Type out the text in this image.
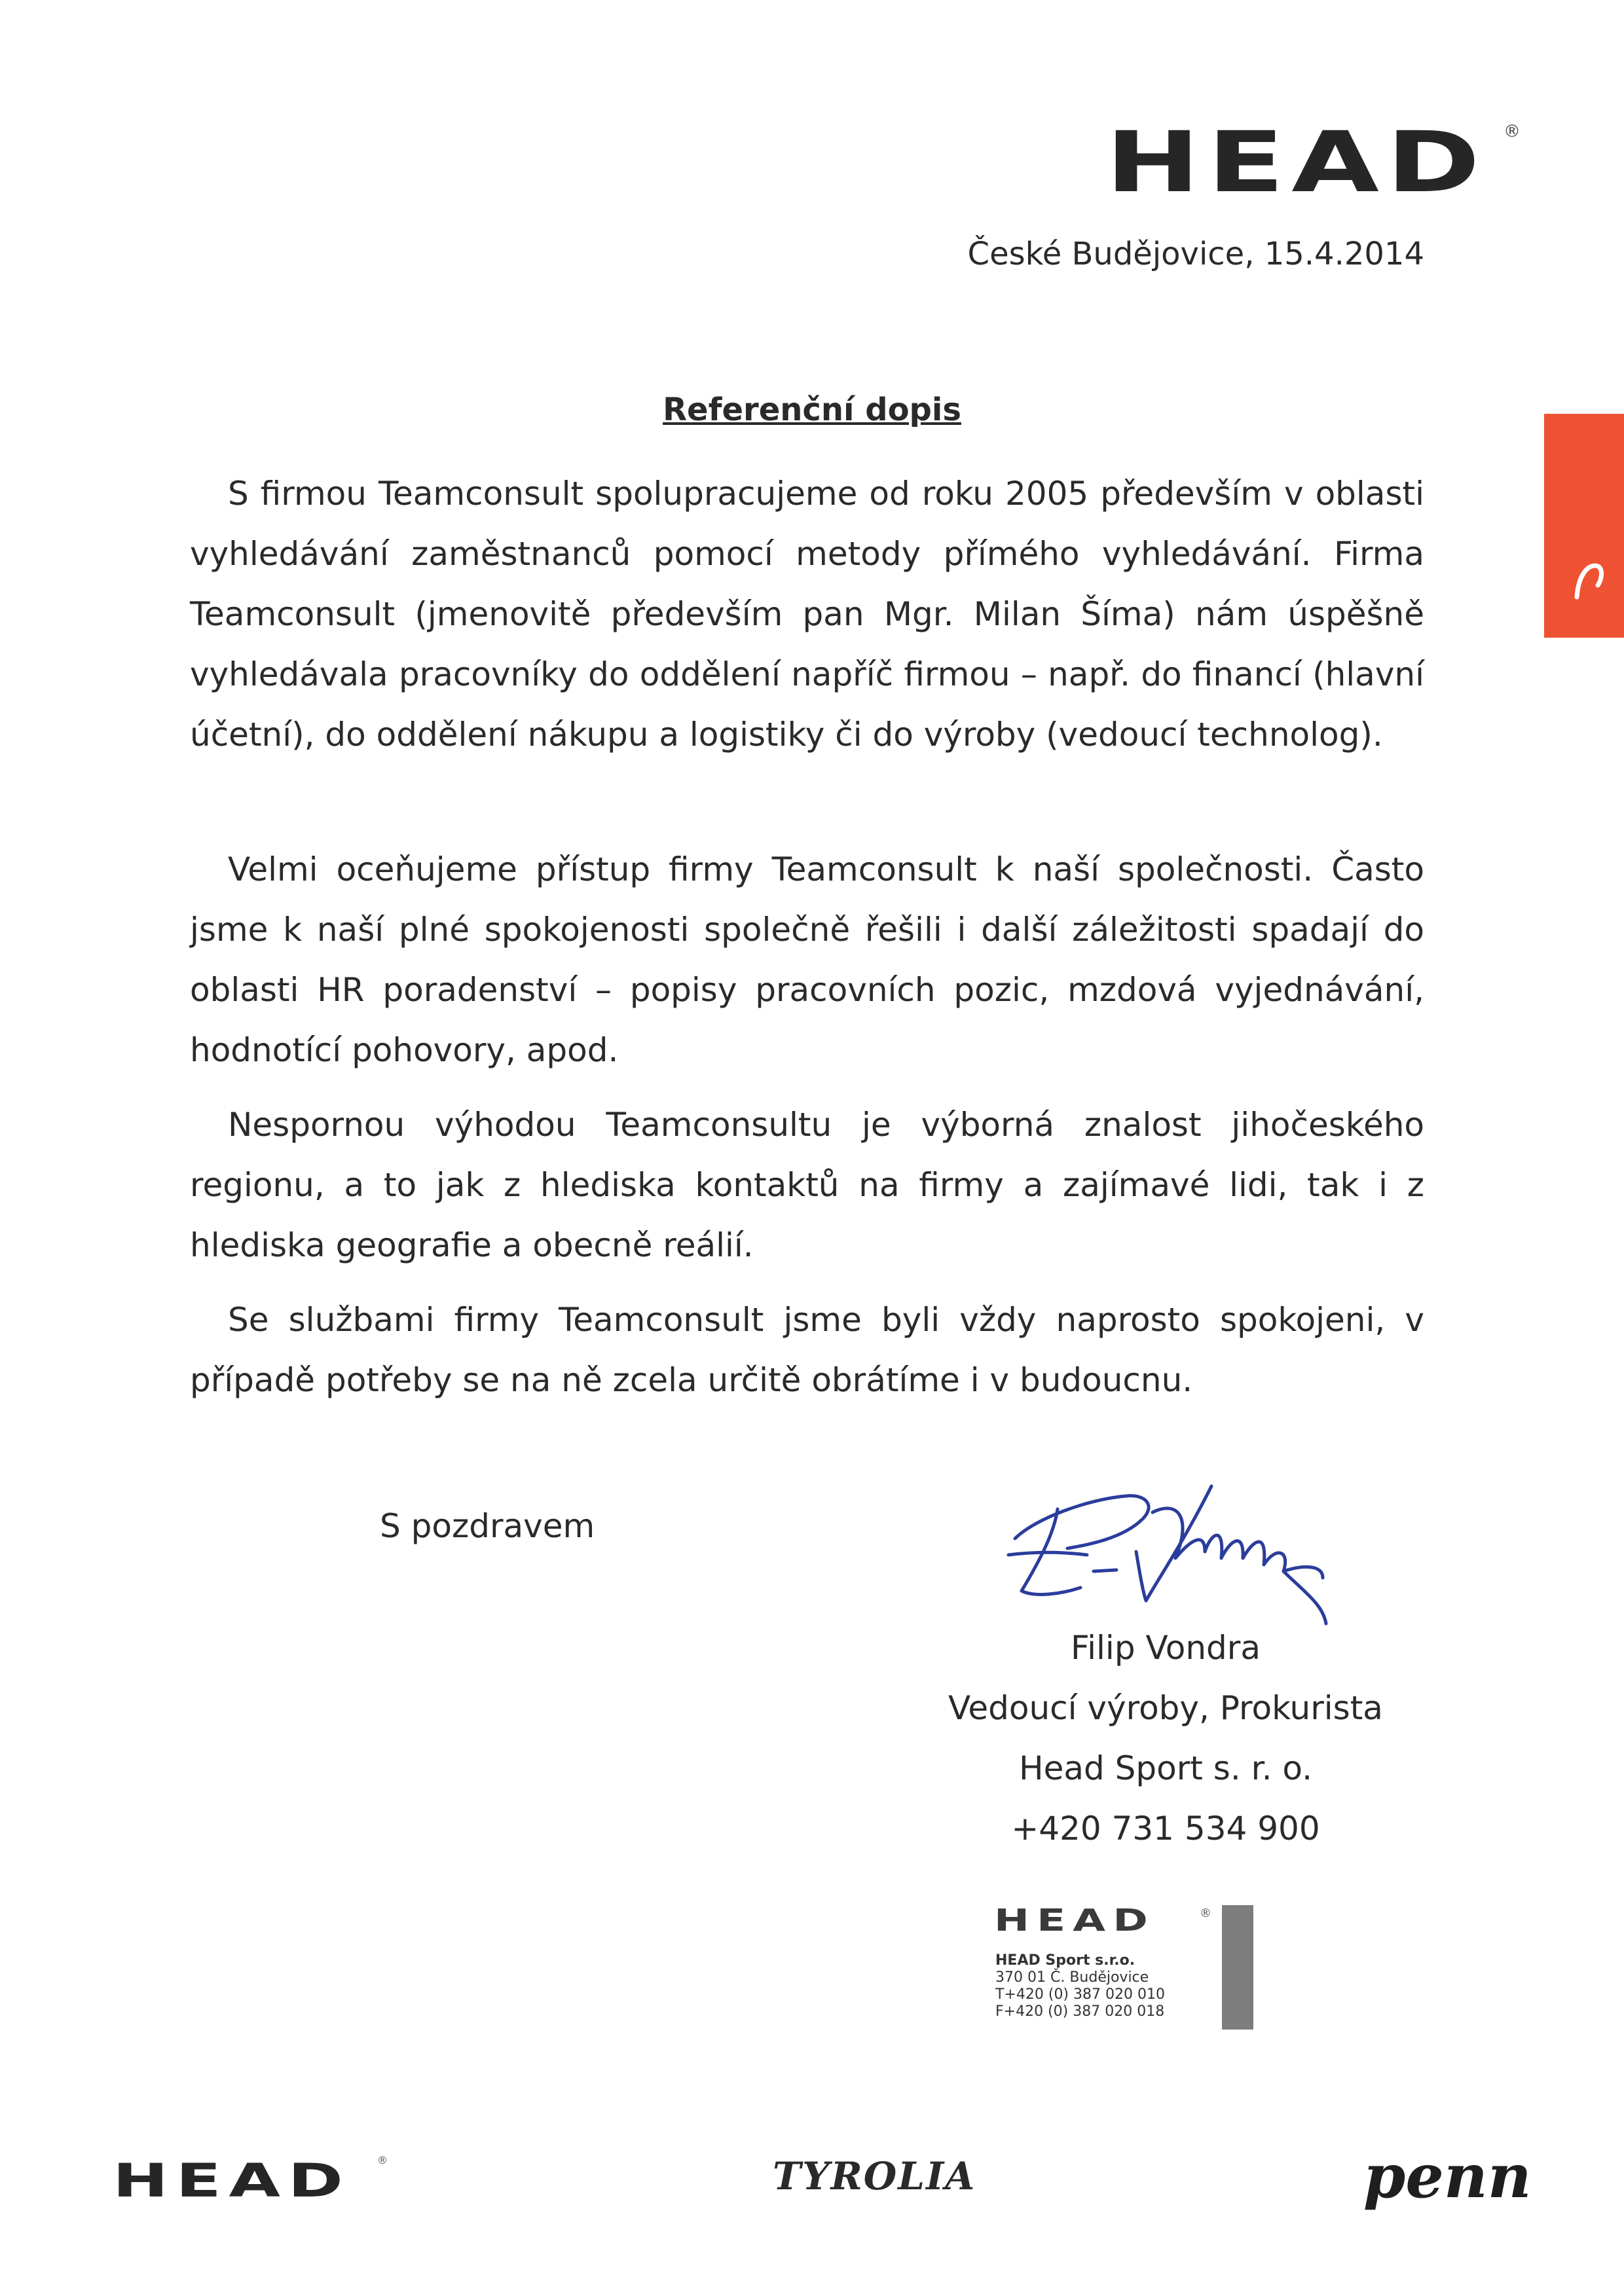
HEAD ®
České Budějovice, 15.4.2014
Referenční dopis
S firmou Teamconsult spolupracujeme od roku 2005 především v oblasti vyhledávání zaměstnanců pomocí metody přímého vyhledávání. Firma Teamconsult (jmenovitě především pan Mgr. Milan Šíma) nám úspěšně vyhledávala pracovníky do oddělení napříč firmou – např. do financí (hlavní účetní), do oddělení nákupu a logistiky či do výroby (vedoucí technolog).
Velmi oceňujeme přístup firmy Teamconsult k naší společnosti. Často jsme k naší plné spokojenosti společně řešili i další záležitosti spadají do oblasti HR poradenství – popisy pracovních pozic, mzdová vyjednávání, hodnotící pohovory, apod.
Nespornou výhodou Teamconsultu je výborná znalost jihočeského regionu, a to jak z hlediska kontaktů na firmy a zajímavé lidi, tak i z hlediska geografie a obecně reálií.
Se službami firmy Teamconsult jsme byli vždy naprosto spokojeni, v případě potřeby se na ně zcela určitě obrátíme i v budoucnu.
S pozdravem
Filip Vondra
Vedoucí výroby, Prokurista
Head Sport s. r. o.
+420 731 534 900
HEAD	®
HEAD Sport s.r.o.
370 01 Č. Budějovice
T+420 (0) 387 020 010
F+420 (0) 387 020 018
HEAD	®	TYROLIA	penn
